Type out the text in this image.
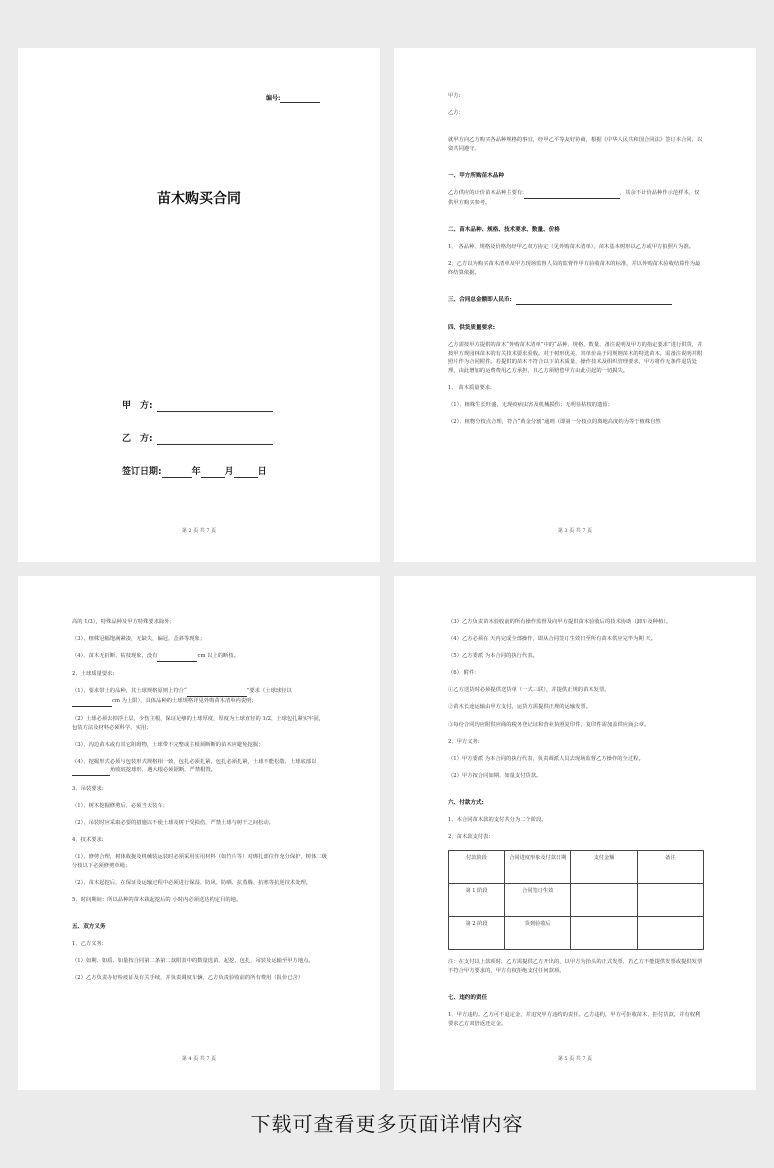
编号:
苗木购买合同
甲　方:
乙　方:
签订日期:	年	月	日
第 2 页 共 7 页

甲方:

乙方:

就甲方向乙方购买各品种规格的事宜，经甲乙平等友好协商，根据《中华人民共和国合同法》签订本合同，以资共同遵守。

一、甲方所购苗木品种

乙方供应的计价苗木品种主要有:	，其余不计价品种作示范样本，仅供甲方购买参考。

二、苗木品种、规格、技术要求、数量、价格

1、 各品种、规格及价格均经甲乙双方协定（见外购苗木清单），苗木基本树形以乙方或甲方拍照片为准。

2、乙方以为购买苗木清单及甲方现场监督人员的监督作甲方验收苗木的标准，并以外购苗木验收结算作为最终结算依据。

三、合同总金额即人民币:

四、供货质量要求:

乙方需按甲方提供的苗木“外购苗木清单”中的“品种、规格、数量、备注说明及甲方的指定要求”进行供货，并按甲方规园林苗木的有关技术要求验收。对于树形优美，其单价高于同规则苗木的特选苗木，需备注说明并附照片作为合同附件。若提供的苗木不符合以下苗木质量、操作技术及组织管理要求，甲方将作无条件退货处理，由此增加的运费费用乙方承担，且乙方须赔偿甲方由此引起的一切损失。

1、 苗木质量要求:

（1）、植株生长旺盛，无现疫病虫害及机械损伤；无明显枯枝的遗留；

（2）、植物分枝点合理，符合“黄金分割”通则（即第一分枝点的离地高度约为等于植株自然

第 3 页 共 7 页

高的 1/3），特殊品种及甲方特殊要求除外；

（3）、植株冠幅饱满紧凑，无缺失，偏冠，歪斜等现象；

（4）、苗木无折断、枯枝现象，没有	cm 以上的断枝。

2、土球质量要求:

（1）、要求带土的品种，其土球规格原则上符合“	”要求（土球球径以 cm 为上限），具体品种的土球规格详见外购苗木清单内说明；

（2）土球必须去掉浮土层，少伤主根，保证足够的土球厚度，厚度为土球直径的 1/2，土球包扎紧实牢固，包装方法及材料必须科学、实用；

（3）、沟边苗木或有其它阻碍物，土球带不完整或主根须断断的苗木应避免挖掘；

（4）、挖掘形式必须与包装形式规格相一致，包扎必须扎紧，包扎必须扎紧，土球不能松散，土球底部以 角收底挖球形，遇大根必须锯断，严禁根毁。

3、吊装要求:

（1）、树木挖掘修剪后，必须当天装车；

（2）、吊装时应采取必要的措施以不使土球及树干受损伤，严禁土球与树干之间松动。

4、技术要求:

（1）、修剪合理，树体收拢及机械装运装时必须采用实用材料（如竹片等）对绑扎部位作充分保护，树体二级分枝以下必须修剪草绳；

（2）、苗木起挖后，在保证及运输过程中必须进行保湿、防风、防晒、抗蒸腾、抗寒等抗逆技术处理。

5、时间期间：所以品种的苗木栽起挖后的 小时内必须送达约定目的地。

五、双方义务

1、乙方义务:

（1）如期、如质、如量按合同第二条第二款附表中的数量选苗、起挖、包扎、吊装及运输至甲方地点。

（2）乙方负责办好检疫证及有关手续，并负责调度车辆，乙方负责验收前的所有费用（报价已含）

第 4 页 共 7 页

（3）乙方负责苗木验收前的所有操作监督及向甲方提供苗木验收后的技术协助（卸车及种植）。

（4）乙方必须在 天内完成全部操作，即从合同签订生效日至所有苗木供应完毕为期 天。

（5）乙方委派 为本合同的执行代表。

（6） 附件:

①乙方送货时必须提供送货单（一式三联），并提供正规的苗木发票。

②苗木长途运输由甲方支付，运货方需提供正规的运输发票。

③每份合同均应附供应商的税务登记证和营业执照复印件，复印件需加盖供应商公章。

2、甲方义务:

（1）甲方委派 为本合同的执行代表，负责调派人员去现场监督乙方操作的全过程。

（2）甲方按合同如期、如量支付货款。

六、付款方式:

1、本合同苗木款的支付共分为二个阶段。

2、苗木款支付表:

付款阶段	合同进度形象及付款日期	支付金额	备注
第 1 阶段	合同签订生效		
第 2 阶段	货到验收后		

注：在支付以上款项时，乙方需提供乙方开出的，以甲方为抬头的正式发票，若乙方不能提供发票或提供发票不符合甲方要求的，甲方有权拒绝支付任何款项。

七、违约的责任

1、甲方违约。乙方可不退定金，并追究甲方违约的责任。乙方违约，甲方可拒收苗木，拒付货款，并有权利要求乙方双倍返还定金。

第 5 页 共 7 页
下载可查看更多页面详情内容
